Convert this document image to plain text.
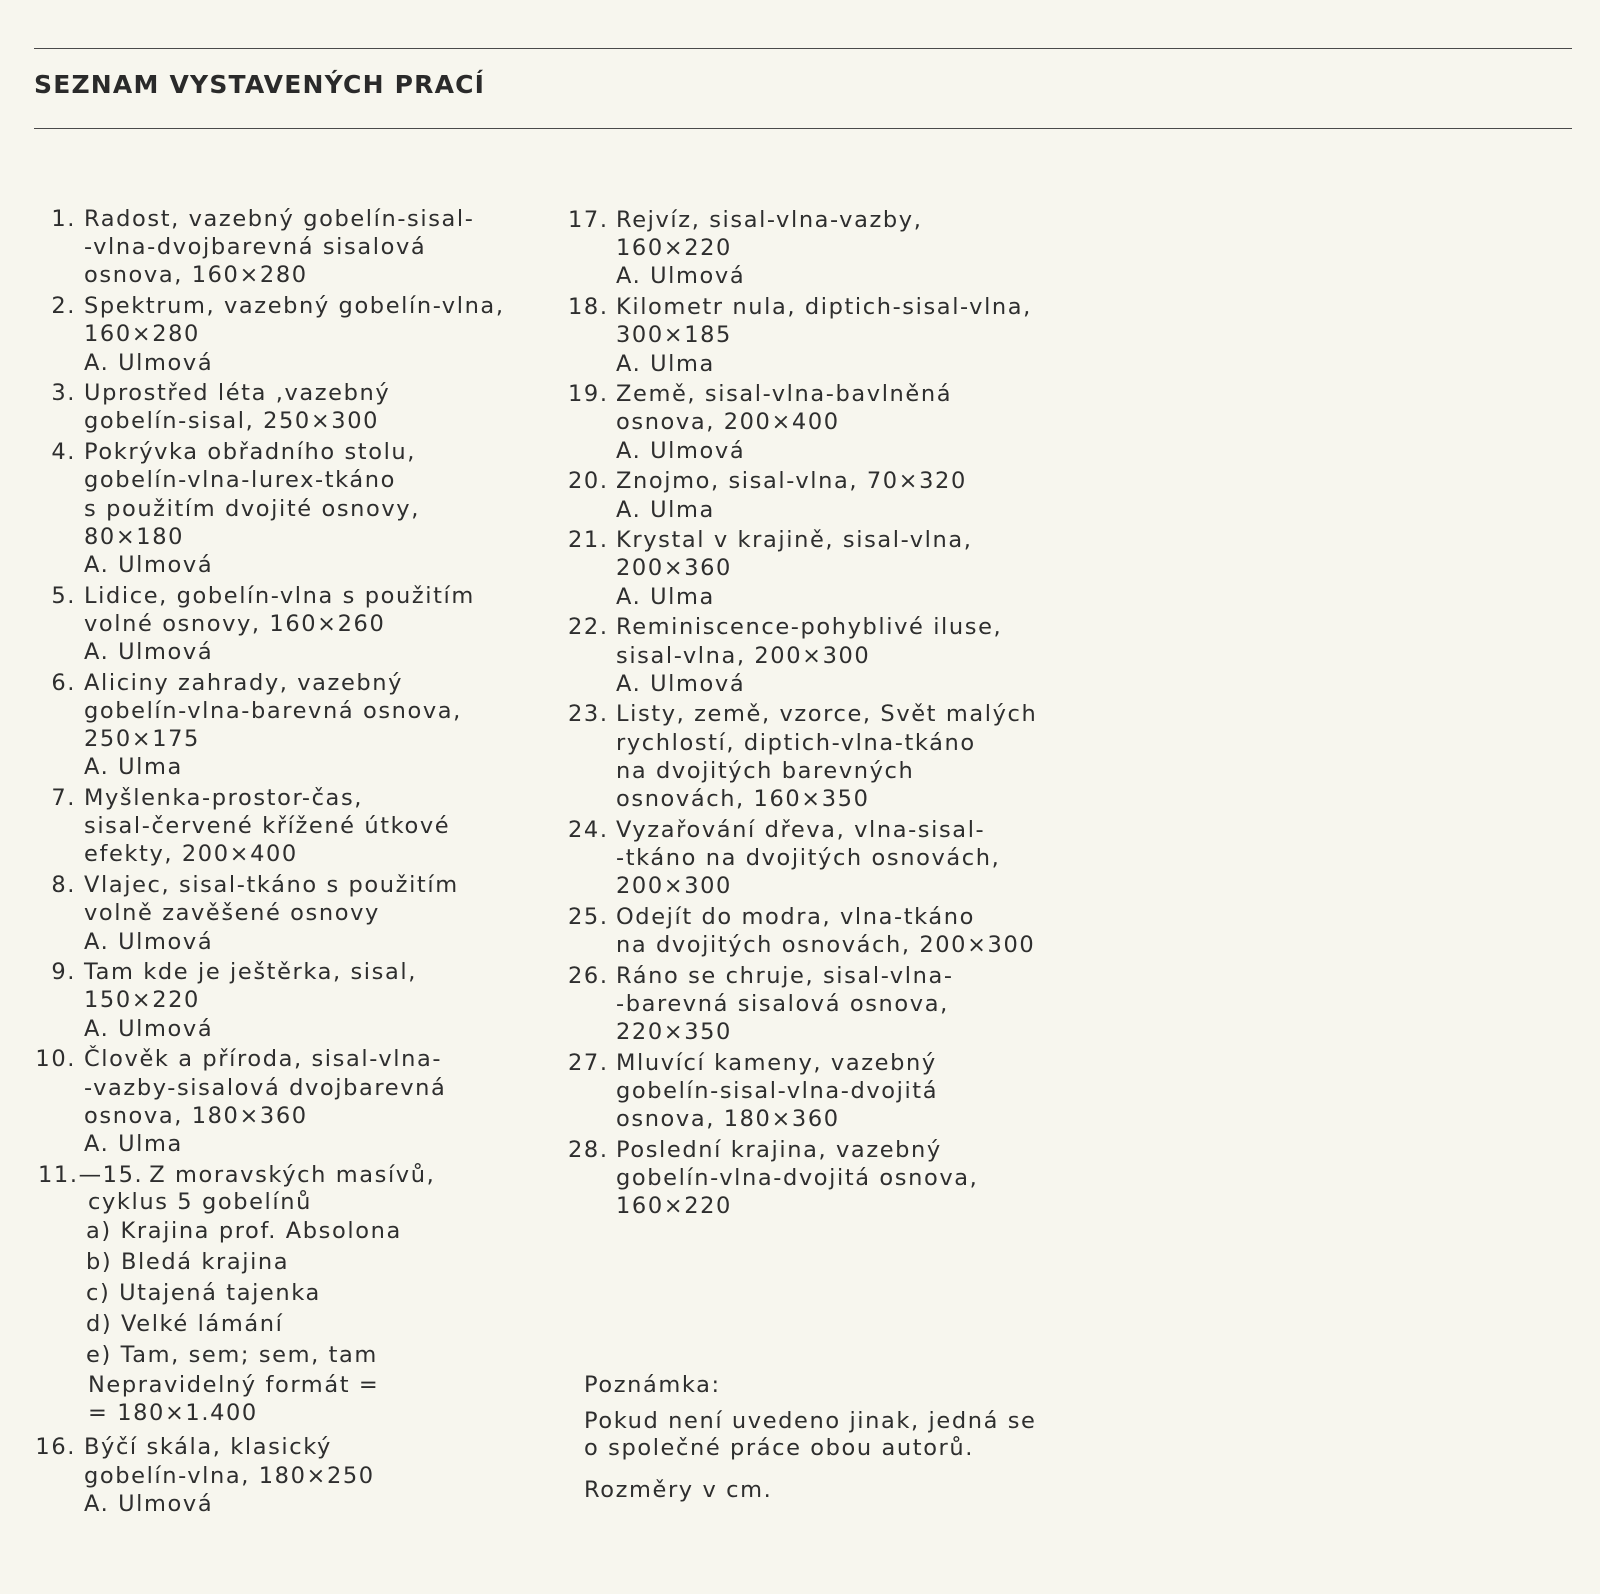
SEZNAM VYSTAVENÝCH PRACÍ
1. Radost, vazebný gobelín-sisal-
-vlna-dvojbarevná sisalová
osnova, 160×280
2. Spektrum, vazebný gobelín-vlna,
160×280
A. Ulmová
3. Uprostřed léta ,vazebný
gobelín-sisal, 250×300
4. Pokrývka obřadního stolu,
gobelín-vlna-lurex-tkáno
s použitím dvojité osnovy,
80×180
A. Ulmová
5. Lidice, gobelín-vlna s použitím
volné osnovy, 160×260
A. Ulmová
6. Aliciny zahrady, vazebný
gobelín-vlna-barevná osnova,
250×175
A. Ulma
7. Myšlenka-prostor-čas,
sisal-červené křížené útkové
efekty, 200×400
8. Vlajec, sisal-tkáno s použitím
volně zavěšené osnovy
A. Ulmová
9. Tam kde je ještěrka, sisal,
150×220
A. Ulmová
10. Člověk a příroda, sisal-vlna-
-vazby-sisalová dvojbarevná
osnova, 180×360
A. Ulma
11.—15. Z moravských masívů,
cyklus 5 gobelínů
a) Krajina prof. Absolona
b) Bledá krajina
c) Utajená tajenka
d) Velké lámání
e) Tam, sem; sem, tam
Nepravidelný formát =
= 180×1.400
16. Býčí skála, klasický
gobelín-vlna, 180×250
A. Ulmová
17. Rejvíz, sisal-vlna-vazby,
160×220
A. Ulmová
18. Kilometr nula, diptich-sisal-vlna,
300×185
A. Ulma
19. Země, sisal-vlna-bavlněná
osnova, 200×400
A. Ulmová
20. Znojmo, sisal-vlna, 70×320
A. Ulma
21. Krystal v krajině, sisal-vlna,
200×360
A. Ulma
22. Reminiscence-pohyblivé iluse,
sisal-vlna, 200×300
A. Ulmová
23. Listy, země, vzorce, Svět malých
rychlostí, diptich-vlna-tkáno
na dvojitých barevných
osnovách, 160×350
24. Vyzařování dřeva, vlna-sisal-
-tkáno na dvojitých osnovách,
200×300
25. Odejít do modra, vlna-tkáno
na dvojitých osnovách, 200×300
26. Ráno se chruje, sisal-vlna-
-barevná sisalová osnova,
220×350
27. Mluvící kameny, vazebný
gobelín-sisal-vlna-dvojitá
osnova, 180×360
28. Poslední krajina, vazebný
gobelín-vlna-dvojitá osnova,
160×220
Poznámka:
Pokud není uvedeno jinak, jedná se
o společné práce obou autorů.
Rozměry v cm.
